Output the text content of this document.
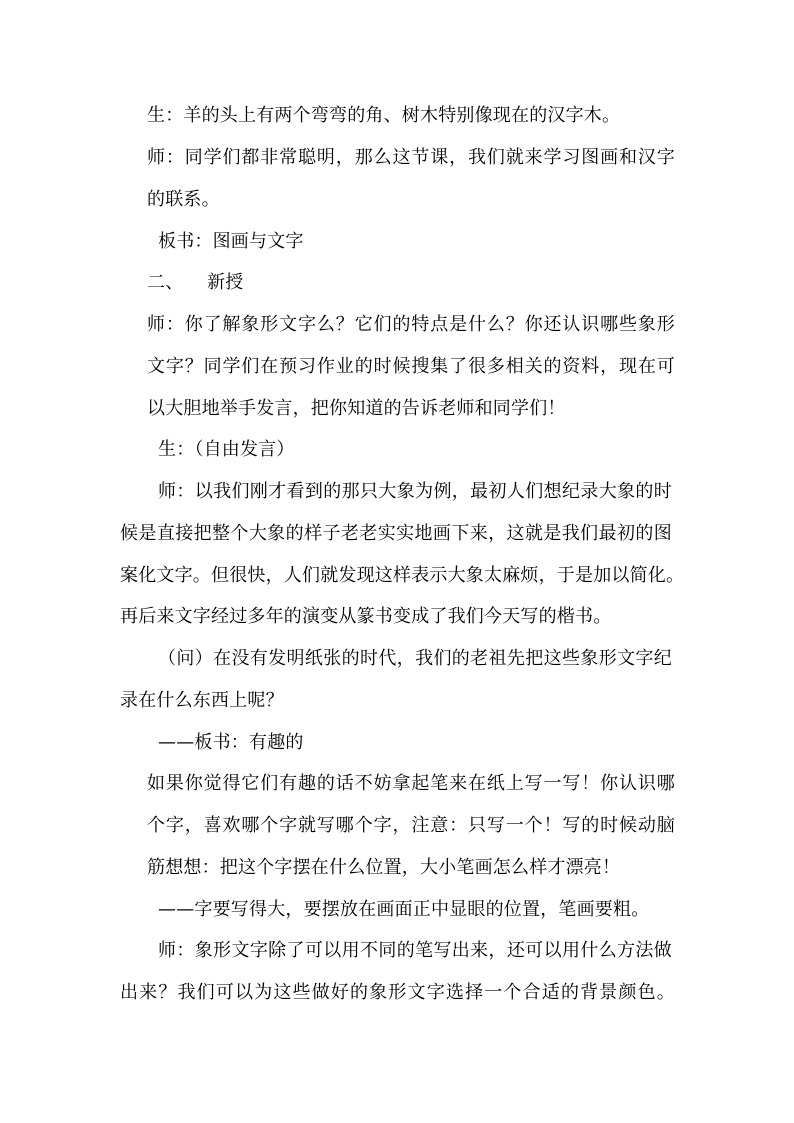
生：羊的头上有两个弯弯的角、树木特别像现在的汉字木。
师：同学们都非常聪明，那么这节课，我们就来学习图画和汉字
的联系。
板书：图画与文字
二、    新授
师：你了解象形文字么？它们的特点是什么？你还认识哪些象形
文字？同学们在预习作业的时候搜集了很多相关的资料，现在可
以大胆地举手发言，把你知道的告诉老师和同学们！
生：（自由发言）
师：以我们刚才看到的那只大象为例，最初人们想纪录大象的时
候是直接把整个大象的样子老老实实地画下来，这就是我们最初的图
案化文字。但很快，人们就发现这样表示大象太麻烦，于是加以简化。
再后来文字经过多年的演变从篆书变成了我们今天写的楷书。
（问）在没有发明纸张的时代，我们的老祖先把这些象形文字纪
录在什么东西上呢？
——板书：有趣的
如果你觉得它们有趣的话不妨拿起笔来在纸上写一写！你认识哪
个字，喜欢哪个字就写哪个字，注意：只写一个！写的时候动脑
筋想想：把这个字摆在什么位置，大小笔画怎么样才漂亮！
——字要写得大，要摆放在画面正中显眼的位置，笔画要粗。
师：象形文字除了可以用不同的笔写出来，还可以用什么方法做
出来？我们可以为这些做好的象形文字选择一个合适的背景颜色。
